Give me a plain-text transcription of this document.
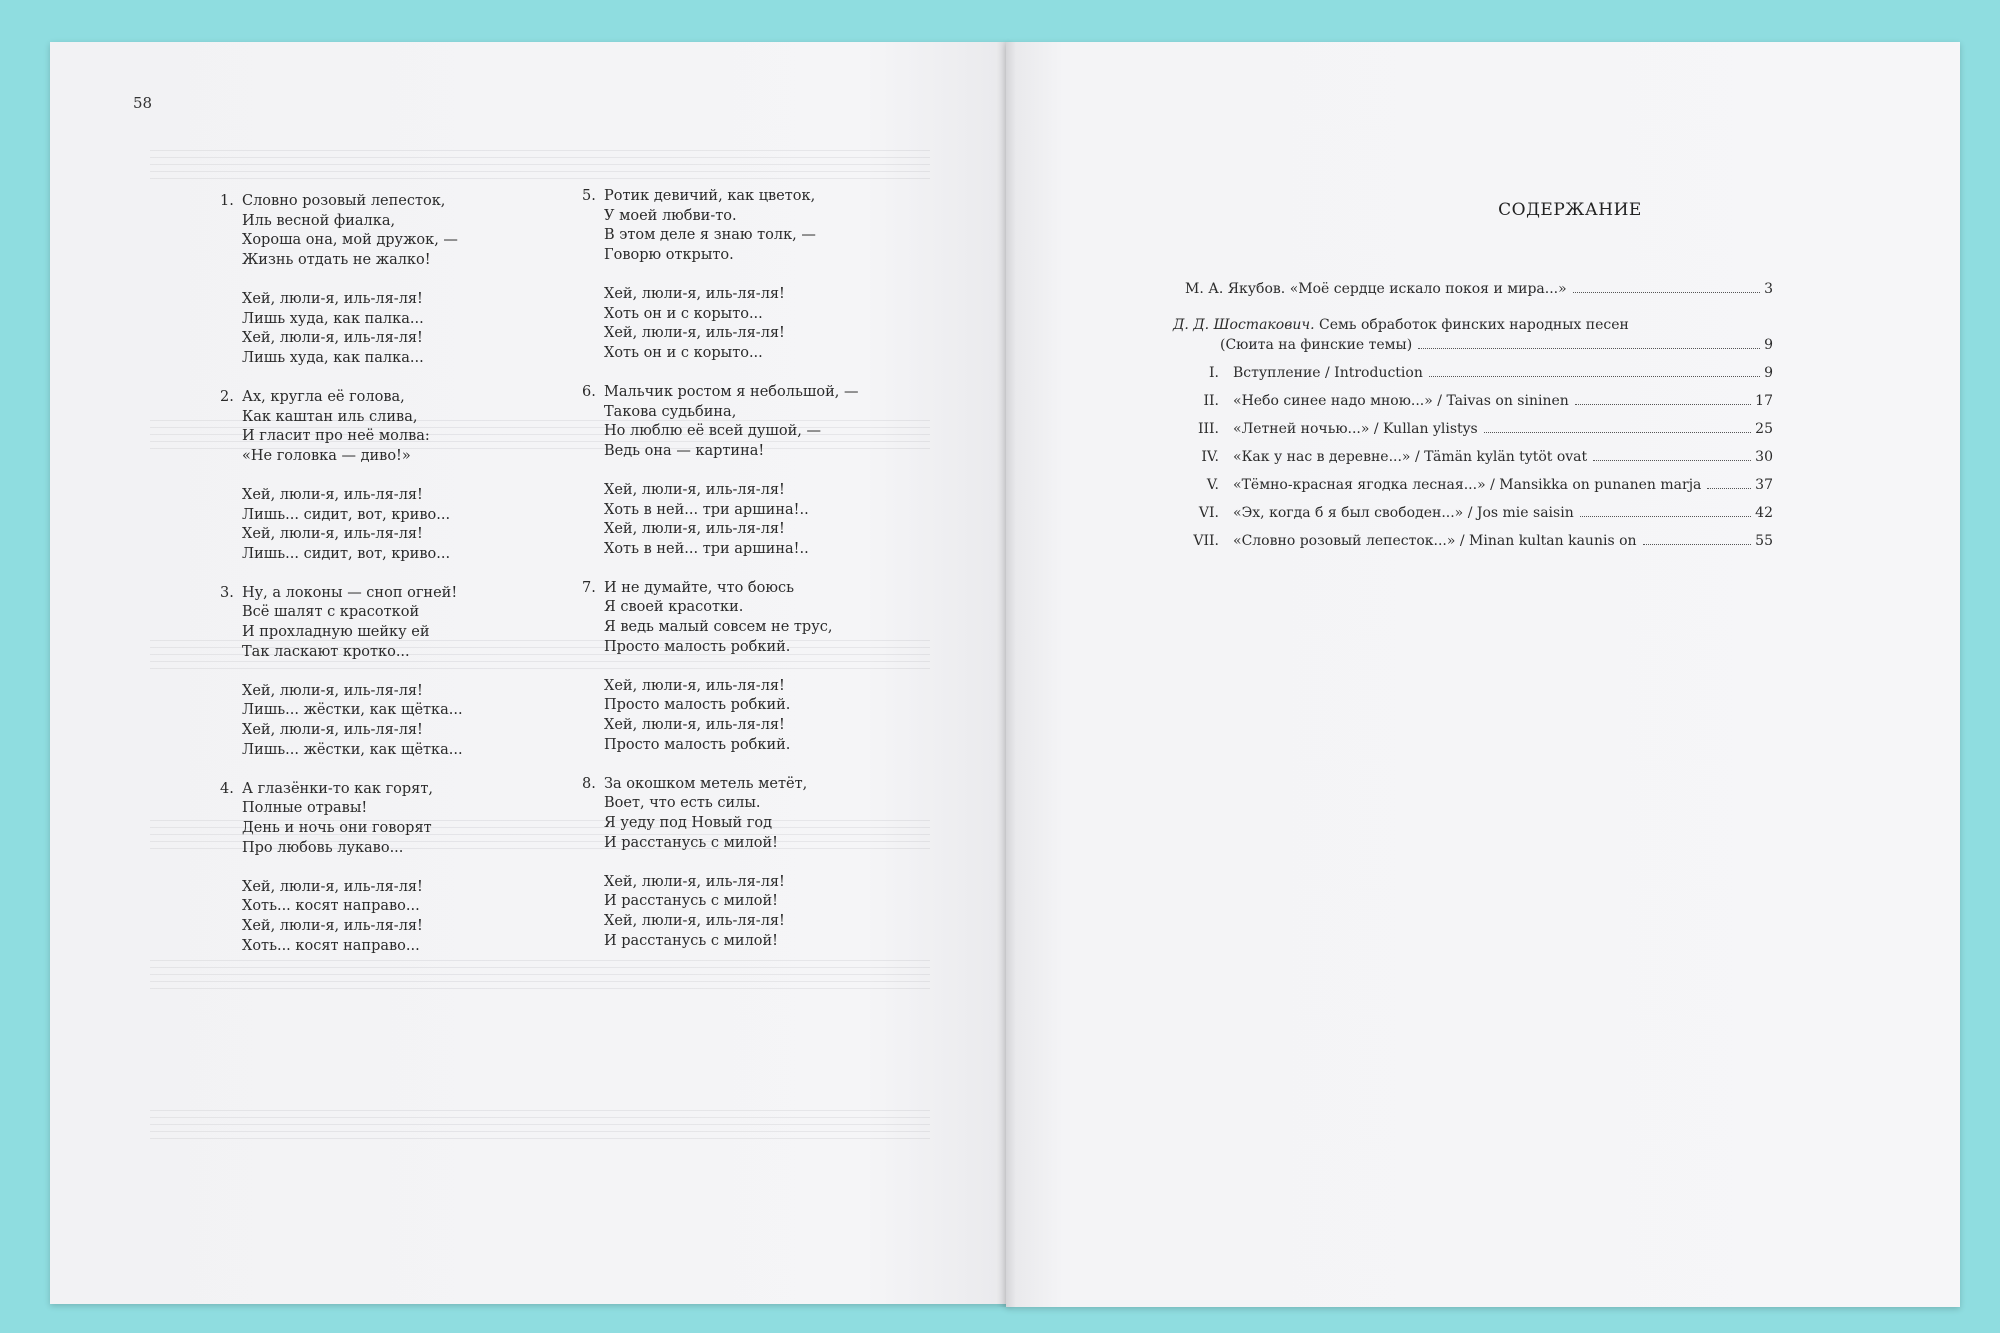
58
1. Словно розовый лепесток,
Иль весной фиалка,
Хороша она, мой дружок, —
Жизнь отдать не жалко!
Хей, люли-я, иль-ля-ля!
Лишь худа, как палка...
Хей, люли-я, иль-ля-ля!
Лишь худа, как палка...
2. Ах, кругла её голова,
Как каштан иль слива,
И гласит про неё молва:
«Не головка — диво!»
Хей, люли-я, иль-ля-ля!
Лишь... сидит, вот, криво...
Хей, люли-я, иль-ля-ля!
Лишь... сидит, вот, криво...
3. Ну, а локоны — сноп огней!
Всё шалят с красоткой
И прохладную шейку ей
Так ласкают кротко...
Хей, люли-я, иль-ля-ля!
Лишь... жёстки, как щётка...
Хей, люли-я, иль-ля-ля!
Лишь... жёстки, как щётка...
4. А глазёнки-то как горят,
Полные отравы!
День и ночь они говорят
Про любовь лукаво...
Хей, люли-я, иль-ля-ля!
Хоть... косят направо...
Хей, люли-я, иль-ля-ля!
Хоть... косят направо...
5. Ротик девичий, как цветок,
У моей любви-то.
В этом деле я знаю толк, —
Говорю открыто.
Хей, люли-я, иль-ля-ля!
Хоть он и с корыто...
Хей, люли-я, иль-ля-ля!
Хоть он и с корыто...
6. Мальчик ростом я небольшой, —
Такова судьбина,
Но люблю её всей душой, —
Ведь она — картина!
Хей, люли-я, иль-ля-ля!
Хоть в ней... три аршина!..
Хей, люли-я, иль-ля-ля!
Хоть в ней... три аршина!..
7. И не думайте, что боюсь
Я своей красотки.
Я ведь малый совсем не трус,
Просто малость робкий.
Хей, люли-я, иль-ля-ля!
Просто малость робкий.
Хей, люли-я, иль-ля-ля!
Просто малость робкий.
8. За окошком метель метёт,
Воет, что есть силы.
Я уеду под Новый год
И расстанусь с милой!
Хей, люли-я, иль-ля-ля!
И расстанусь с милой!
Хей, люли-я, иль-ля-ля!
И расстанусь с милой!
СОДЕРЖАНИЕ
М. А. Якубов. «Моё сердце искало покоя и мира...»	3
Д. Д. Шостакович. Семь обработок финских народных песен
(Сюита на финские темы)	9
I.	Вступление / Introduction	9
II.	«Небо синее надо мною...» / Taivas on sininen	17
III.	«Летней ночью...» / Kullan ylistys	25
IV.	«Как у нас в деревне...» / Tämän kylän tytöt ovat	30
V.	«Тёмно-красная ягодка лесная...» / Mansikka on punanen marja	37
VI.	«Эх, когда б я был свободен...» / Jos mie saisin	42
VII.	«Словно розовый лепесток...» / Minan kultan kaunis on	55
